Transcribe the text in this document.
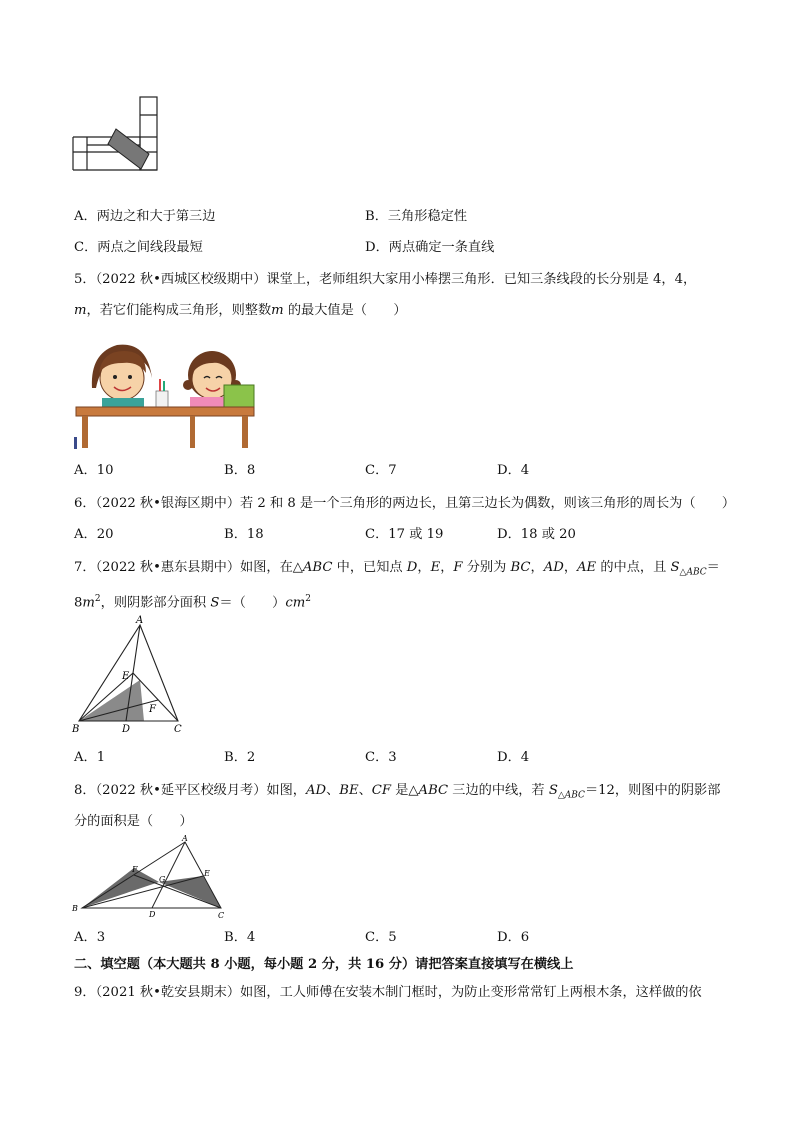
A．两边之和大于第三边	B．三角形稳定性
C．两点之间线段最短	D．两点确定一条直线
5．（2022 秋•西城区校级期中）课堂上，老师组织大家用小棒摆三角形．已知三条线段的长分别是 4，4，
m，若它们能构成三角形，则整数m 的最大值是（　　）
A．10	B．8	C．7	D．4
6．（2022 秋•银海区期中）若 2 和 8 是一个三角形的两边长，且第三边长为偶数，则该三角形的周长为（　　）
A．20	B．18	C．17 或 19	D．18 或 20
7．（2022 秋•惠东县期中）如图，在△ABC 中，已知点 D，E，F 分别为 BC，AD，AE 的中点，且 $S_{\triangle ABC}=$
$8m^2$，则阴影部分面积 S＝（　　）$cm^2$
A
B	C
D
E
F
A．1	B．2	C．3	D．4
8．（2022 秋•延平区校级月考）如图，AD、BE、CF 是△ABC 三边的中线，若 $S_{\triangle ABC}=12$，则图中的阴影部
分的面积是（　　）
A
B
C
D
E
F
G
A．3	B．4	C．5	D．6
二、填空题（本大题共 8 小题，每小题 2 分，共 16 分）请把答案直接填写在横线上
9．（2021 秋•乾安县期末）如图，工人师傅在安装木制门框时，为防止变形常常钉上两根木条，这样做的依
